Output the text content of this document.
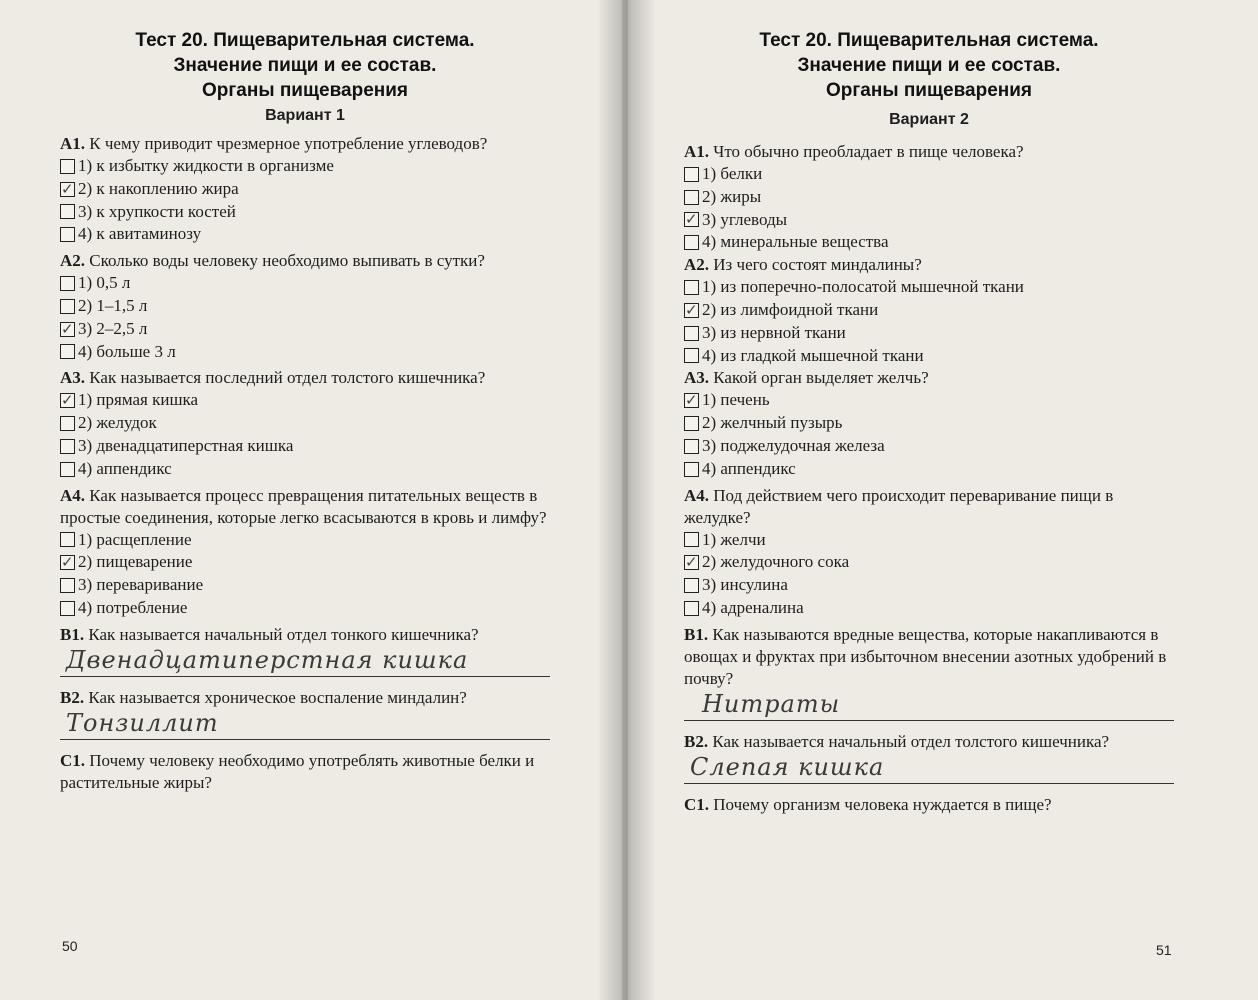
Тест 20. Пищеварительная система.
Значение пищи и ее состав.
Органы пищеварения
Вариант 1

А1. К чему приводит чрезмерное употребление углеводов?

1) к избытку жидкости в организме
✓
2) к накоплению жира
3) к хрупкости костей
4) к авитаминозу

А2. Сколько воды человеку необходимо выпивать в сутки?

1) 0,5 л
2) 1–1,5 л
✓
3) 2–2,5 л
4) больше 3 л

А3. Как называется последний отдел толстого кишечника?

✓
1) прямая кишка
2) желудок
3) двенадцатиперстная кишка
4) аппендикс

А4. Как называется процесс превращения питательных веществ в простые соединения, которые легко всасываются в кровь и лимфу?

1) расщепление
✓
2) пищеварение
3) переваривание
4) потребление

В1. Как называется начальный отдел тонкого кишечника?

Двенадцатиперстная кишка

В2. Как называется хроническое воспаление миндалин?

Тонзиллит

С1. Почему человеку необходимо употреблять животные белки и растительные жиры?

50
Тест 20. Пищеварительная система.
Значение пищи и ее состав.
Органы пищеварения
Вариант 2

А1. Что обычно преобладает в пище человека?

1) белки
2) жиры
✓
3) углеводы
4) минеральные вещества

А2. Из чего состоят миндалины?

1) из поперечно-полосатой мышечной ткани
✓
2) из лимфоидной ткани
3) из нервной ткани
4) из гладкой мышечной ткани

А3. Какой орган выделяет желчь?

✓
1) печень
2) желчный пузырь
3) поджелудочная железа
4) аппендикс

А4. Под действием чего происходит переваривание пищи в желудке?

1) желчи
✓
2) желудочного сока
3) инсулина
4) адреналина

В1. Как называются вредные вещества, которые накапливаются в овощах и фруктах при избыточном внесении азотных удобрений в почву?

Нитраты

В2. Как называется начальный отдел толстого кишечника?

Слепая кишка

С1. Почему организм человека нуждается в пище?

51
